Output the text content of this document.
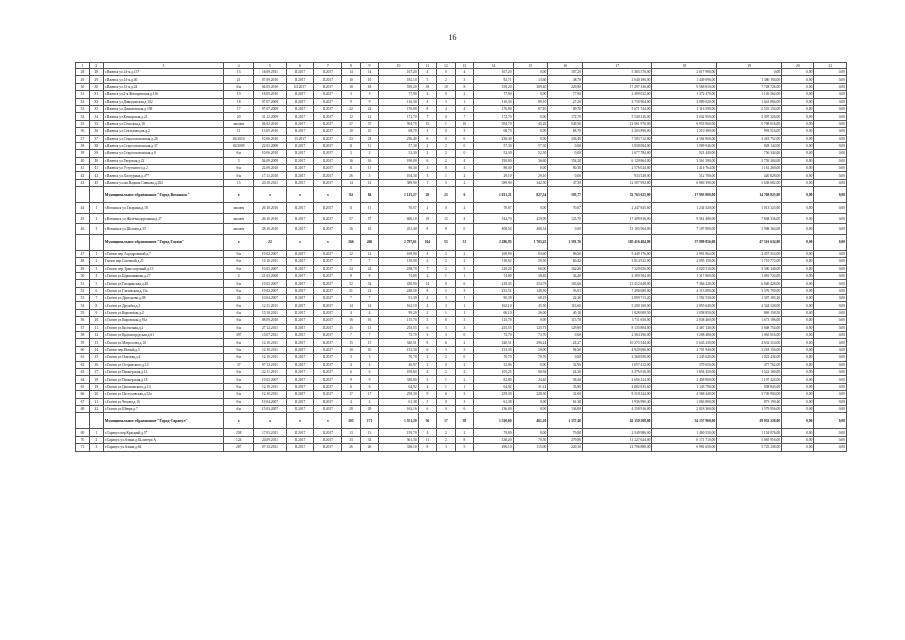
16
1	2	3	4	5	6	7	8	9	10	11	12	13	14	15	16	17	18	19	20	21
28	28	г.Ижевск ул.14-я,д.157	13	16.09.2011	II.2017	II.2017	14	14	167,20	4	0	4	167,20	0,00	167,20	5 383 376,00	2 617 986,00	0,00	0,00	0,00
29	29	г.Ижевск ул.14-я,д.40	21	07.09.2010	II.2017	II.2017	10	10	182,10	5	2	3	92,71	13,60	48,70	2 640 186,00	1 449 096,00	1 380 194,00	0,00	0,00
30	30	г.Ижевск ул.15-я,д.24	б/н	04.05.2010	III.2017	II.2017	18	18	539,20	18	10	8	539,20	309,40	229,80	17 297 336,00	9 568 810,00	7 728 726,00	0,00	0,00
31	31	г.Ижевск ул.2-я Жихаревская,д.116	19	18.05.2010	II.2017	II.2017	3	3	77,90	2	0	2	77,90	0,00	77,90	2 499 032,00	1 372 470,00	1 126 562,00	0,00	0,00
32	32	г.Ижевск ул.Давыдовская,д.102	18	07.07.2009	II.2017	II.2017	9	9	116,30	4	3	1	116,30	89,10	27,20	3 730 904,00	2 089 020,00	1 641 884,00	0,00	0,00
33	33	г.Ижевск ул.Даниловская,д.108	17	07.07.2009	II.2017	II.2017	22	22	176,80	8	4	4	176,80	87,10	89,70	5 671 744,00	3 116 590,00	2 555 154,00	0,00	0,00
34	34	г.Ижевск ул.Кошарская,д.21	20	31.12.2009	II.2017	II.2017	12	12	172,70	7	0	7	172,70	0,00	172,70	5 540 216,00	3 042 950,00	2 497 326,00	0,00	0,00
35	35	г.Ижевск ул.Сельская,д.18	заключ	04.02.2010	II.2017	II.2017	37	37	594,70	15	1	10	594,70	45,20	549,50	12 661 976,00	6 953 960,00	5 708 016,00	0,00	0,00
36	36	г.Ижевск ул.Стальзаводов,д.2	11	13.05.2010	II.2017	II.2017	10	10	68,70	3	0	3	68,70	0,00	68,70	2 203 896,00	1 210 380,00	993 516,00	0,00	0,00
37	37	г.Ижевск ул.Старосмоленская,д.28	02/2010	10.06.2010	15.2017	II.2017	23	23	236,40	6	0	6	236,40	0,00	236,40	7 583 712,00	4 164 960,00	3 418 752,00	0,00	0,00
38	38	г.Ижевск ул.Старосмоленская,д.37	02/2009	22.03.2008	II.2017	II.2017	11	11	57,30	2	2	0	57,30	57,30	0,00	1 838 084,00	1 009 946,00	828 144,00	0,00	0,00
39	39	г.Ижевск ул.Старосмоленская,д.8	б/н	10.06.2010	II.2017	II.2017	2	2	52,30	2	2	0	52,30	52,30	0,00	1 677 784,00	921 440,00	756 344,00	0,00	0,00
40	40	г.Ижевск ул.Тверская,д.22	5	04.09.2009	II.2017	II.2017	16	16	190,80	6	2	4	190,80	36,60	154,20	6 120 864,00	3 361 580,00	2 759 284,00	0,00	0,00
41	41	г.Ижевск ул.Уступчатого,д.2	б/н	22.09.2010	II.2017	II.2017	11	11	80,30	3	0	3	80,30	0,00	80,30	2 576 024,00	1 414 764,00	1 161 260,00	0,00	0,00
42	42	г.Ижевск ул.Халтурина,д.4**	б/н	17.11.2010	II.2017	II.2017	26	5	104,30	3	1	2	29,10	29,10	0,00	933 528,00	512 700,00	420 828,00	0,00	0,00
43	45	г.Ижевск ул.им.Вадима Сивкова,д.282	15	20.10.2011	II.2017	II.2017	14	14	389,90	7	5	2	389,90	342,50	47,30	12 507 992,00	6 869 390,00	5 638 602,00	0,00	0,00
		Муниципальное образование "Город Воткинск"	x	x	x	x	84	84	1 125,27	29	23	6	1 021,21	827,54	193,77	32 763 625,00	17 993 800,00	14 769 825,00	0,00	0,00
44	1	г.Воткинск ул.Гагарина,д.18	заключ	26.10.2010	II.2017	II.2017	11	11	70,07	2	0	2	70,07	0,00	70,07	2 247 845,60	1 234 520,00	1 013 325,60	0,00	0,00
45	2	г.Воткинск ул.Железнодорожная,д.27	заключ	26.10.2010	II.2017	II.2017	57	57	606,10	19	15	4	542,70	419,00	123,70	17 409 816,00	9 561 480,00	7 848 336,00	0,00	0,00
46	3	г.Воткинск ул.Шохова,д.35	заключ	28.10.2010	II.2017	II.2017	16	16	451,40	8	8	0	408,54	408,54	0,00	13 105 964,00	7 197 800,00	5 908 164,00	0,00	0,00
		Муниципальное образование "Город Глазов"	x	22	x	x	266	266	2 787,61	104	53	51	2 286,85	1 705,25	1 581,76	105 416 484,00	57 899 856,00	47 516 634,00	0,00	0,00
47	1	г.Глазов пер.Аэродромный,д.7	б/н	19.02.2007	II.2017	II.2017	12	12	169,90	4	2	2	169,90	83,60	86,30	5 449 176,00	2 991 862,00	2 457 314,00	0,00	0,00
48	2	Глазов пер.Союзный,д.21	б/н	15.10.2011	II.2017	II.2017	7	7	118,90	4	2	2	118,92	59,50	60,42	3 814 932,00	2 095 150,00	1 719 772,00	0,00	0,00
49	3	г.Глазов пер.Транспортный,д.13	б/н	10.03.2007	II.2017	II.2017	24	24	238,70	7	2	5	228,20	66,00	162,20	7 320 656,00	4 020 516,00	3 300 140,00	0,00	0,00
50	4	г.Глазов ул.Барышникова,д.27	5	21.03.2008	II.2017	II.2017	8	8	74,80	2	1	1	74,80	38,40	36,40	2 399 584,00	1 317 860,00	1 081 724,00	0,00	0,00
51	5	г.Глазов ул.Гагаринская,д.40	б/н	19.03.2007	II.2017	II.2017	32	32	430,90	14	8	6	418,45	254,79	163,66	13 412 648,00	7 366 220,00	6 046 428,00	0,00	0,00
52	6	г.Глазов ул.Глазовская,д.13а	б/н	19.02.2007	II.2017	II.2017	21	21	248,50	8	5	3	233,51	140,50	93,01	7 490 680,00	4 113 890,00	3 376 790,00	0,00	0,00
53	7	г.Глазов ул.Драгунова,д.98	26	10.04.2007	II.2017	II.2017	7	7	91,39	4	3	1	90,39	68,19	22,20	2 899 713,20	1 592 530,00	1 307 183,20	0,00	0,00
54	8	г.Глазов ул.Дружбы,д.2	б/н	12.11.2011	II.2017	II.2017	14	14	162,10	4	3	1	162,10	45,50	116,60	5 200 168,00	2 855 640,00	2 344 528,00	0,00	0,00
55	9	г.Глазов ул.Кировская,д.2	б/н	15.10.2011	II.2017	II.2017	4	4	99,20	2	1	1	66,10	26,00	40,10	1 928 008,50	1 058 850,00	869 158,50	0,00	0,00
56	10	г.Глазов ул.Кировская,д.91а	б/н	08.09.2010	II.2017	II.2017	16	16	115,70	3	0	3	115,70	0,00	115,70	3 711 656,00	2 038 460,00	1 673 196,00	0,00	0,00
57	11	г.Глазов ул.Колхозная,д.2	б/н	27.12.2011	II.2017	II.2017	15	15	255,55	6	3	3	255,55	125,75	129,80	8 135 884,00	4 467 130,00	3 668 754,00	0,00	0,00
58	12	г.Глазов ул.Краснопрудская,д.61	397	15.07.2011	II.2017	II.2017	7	7	73,70	3	3	0	73,70	73,70	0,00	2 364 296,00	1 298 480,00	1 065 816,00	0,00	0,00
59	13	г.Глазов ул.Матросова,д.10	б/н	12.10.2011	II.2017	II.2017	15	15	320,51	8	6	2	320,51	296,24	24,27	10 275 544,00	5 643 230,00	4 632 314,00	0,00	0,00
60	14	г.Глазов пер.Новый,д.5	б/н	12.10.2011	II.2017	II.2017	10	10	153,30	6	3	3	153,30	59,00	94,30	4 920 096,00	2 701 940,00	2 218 156,00	0,00	0,00
61	15	г.Глазов ул.Опалева,д.4	б/н	12.10.2011	II.2017	II.2017	3	3	70,70	2	2	0	70,70	70,70	0,00	2 268 056,00	1 245 620,00	1 022 436,00	0,00	0,00
62	16	г.Глазов ул.Островского,д.14	37	07.12.2011	II.2017	II.2017	4	4	46,97	2	0	2	32,96	0,00	32,96	1 057 412,00	579 650,00	477 762,00	0,00	0,00
63	17	г.Глазов ул.Пионерская,д.14	б/н	22.11.2011	II.2017	II.2017	6	6	109,60	4	2	2	105,25	80,94	24,30	3 376 616,00	1 854 450,00	1 522 166,00	0,00	0,00
64	18	г.Глазов ул.Пионерская,д.18	б/н	19.03.2007	II.2017	II.2017	9	9	336,80	3	1	2	82,80	24,40	58,40	2 656 224,00	1 458 800,00	1 197 424,00	0,00	0,00
65	19	г.Глазов ул.Циолковского,д.10	б/н	12.10.2011	II.2017	II.2017	6	6	64,92	2	1	1	64,92	31,12	33,80	2 082 633,60	1 143 790,00	938 843,60	0,00	0,00
66	20	г.Глазов ул.Пастуховская,д.52а	б/н	12.10.2011	II.2017	II.2017	17	17	259,30	9	6	3	259,30	228,30	31,00	8 318 344,00	4 568 440,00	3 749 904,00	0,00	0,00
67	21	г.Глазов ул.Чехова,д.16	б/н	19.04.2007	II.2017	II.2017	4	4	61,38	3	0	3	61,38	0,00	61,38	1 936 990,40	1 063 800,00	873 190,40	0,00	0,00
68	22	г.Глазов ул.Шевра,д.7	б/н	15.03.2007	II.2017	II.2017	29	29	162,16	6	0	6	136,00	0,00	136,00	4 358 916,00	2 018 360,00	1 579 956,00	0,00	0,00
		Муниципальное образование "Город Сарапул"	x	x	x	x	205	171	1 551,20	56	17	39	1 520,60	461,20	1 337,40	62 159 208,00	34 157 960,00	28 032 328,00	0,00	0,00
69	1	г.Сарапул пер.Красный,д.5*	258	17.03.2011	II.2017	II.2017	13	13	159,70	4	2	2	79,80	0,00	79,80	2 549 986,00	1 400 550,00	1 154 076,00	0,00	0,00
70	2	г.Сарапул ул.Азина,д.62,литера А	124	24.09.2011	II.2017	II.2017	33	33	361,30	11	2	8	330,20	70,50	279,80	11 227 624,00	6 171 710,00	5 065 916,00	0,00	0,00
71	3	г.Сарапул ул.Азина,д.64	287	07.12.2011	II.2017	II.2017	26	26	336,10	8	3	5	296,10	115,00	220,10	12 706 888,00	6 981 650,00	5 725 238,00	0,00	0,00
